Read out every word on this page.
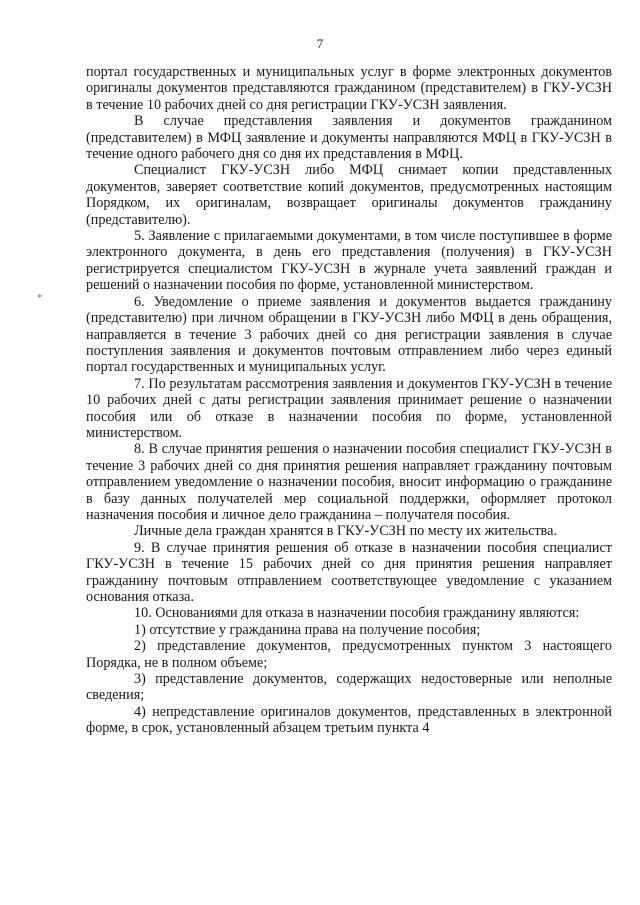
7
*

портал государственных и муниципальных услуг в форме электронных документов оригиналы документов представляются гражданином (представителем) в ГКУ-УСЗН в течение 10 рабочих дней со дня регистрации ГКУ-УСЗН заявления.

В случае представления заявления и документов гражданином (представителем) в МФЦ заявление и документы направляются МФЦ в ГКУ-УСЗН в течение одного рабочего дня со дня их представления в МФЦ.

Специалист ГКУ-УСЗН либо МФЦ снимает копии представленных документов, заверяет соответствие копий документов, предусмотренных настоящим Порядком, их оригиналам, возвращает оригиналы документов гражданину (представителю).

5. Заявление с прилагаемыми документами, в том числе поступившее в форме электронного документа, в день его представления (получения) в ГКУ-УСЗН регистрируется специалистом ГКУ-УСЗН в журнале учета заявлений граждан и решений о назначении пособия по форме, установленной министерством.

6. Уведомление о приеме заявления и документов выдается гражданину (представителю) при личном обращении в ГКУ-УСЗН либо МФЦ в день обращения, направляется в течение 3 рабочих дней со дня регистрации заявления в случае поступления заявления и документов почтовым отправлением либо через единый портал государственных и муниципальных услуг.

7. По результатам рассмотрения заявления и документов ГКУ-УСЗН в течение 10 рабочих дней с даты регистрации заявления принимает решение о назначении пособия или об отказе в назначении пособия по форме, установленной министерством.

8. В случае принятия решения о назначении пособия специалист ГКУ-УСЗН в течение 3 рабочих дней со дня принятия решения направляет гражданину почтовым отправлением уведомление о назначении пособия, вносит информацию о гражданине в базу данных получателей мер социальной поддержки, оформляет протокол назначения пособия и личное дело гражданина – получателя пособия.

Личные дела граждан хранятся в ГКУ-УСЗН по месту их жительства.

9. В случае принятия решения об отказе в назначении пособия специалист ГКУ-УСЗН в течение 15 рабочих дней со дня принятия решения направляет гражданину почтовым отправлением соответствующее уведомление с указанием основания отказа.

10. Основаниями для отказа в назначении пособия гражданину являются:

1) отсутствие у гражданина права на получение пособия;

2) представление документов, предусмотренных пунктом 3 настоящего Порядка, не в полном объеме;

3) представление документов, содержащих недостоверные или неполные сведения;

4) непредставление оригиналов документов, представленных в электронной форме, в срок, установленный абзацем третьим пункта 4
